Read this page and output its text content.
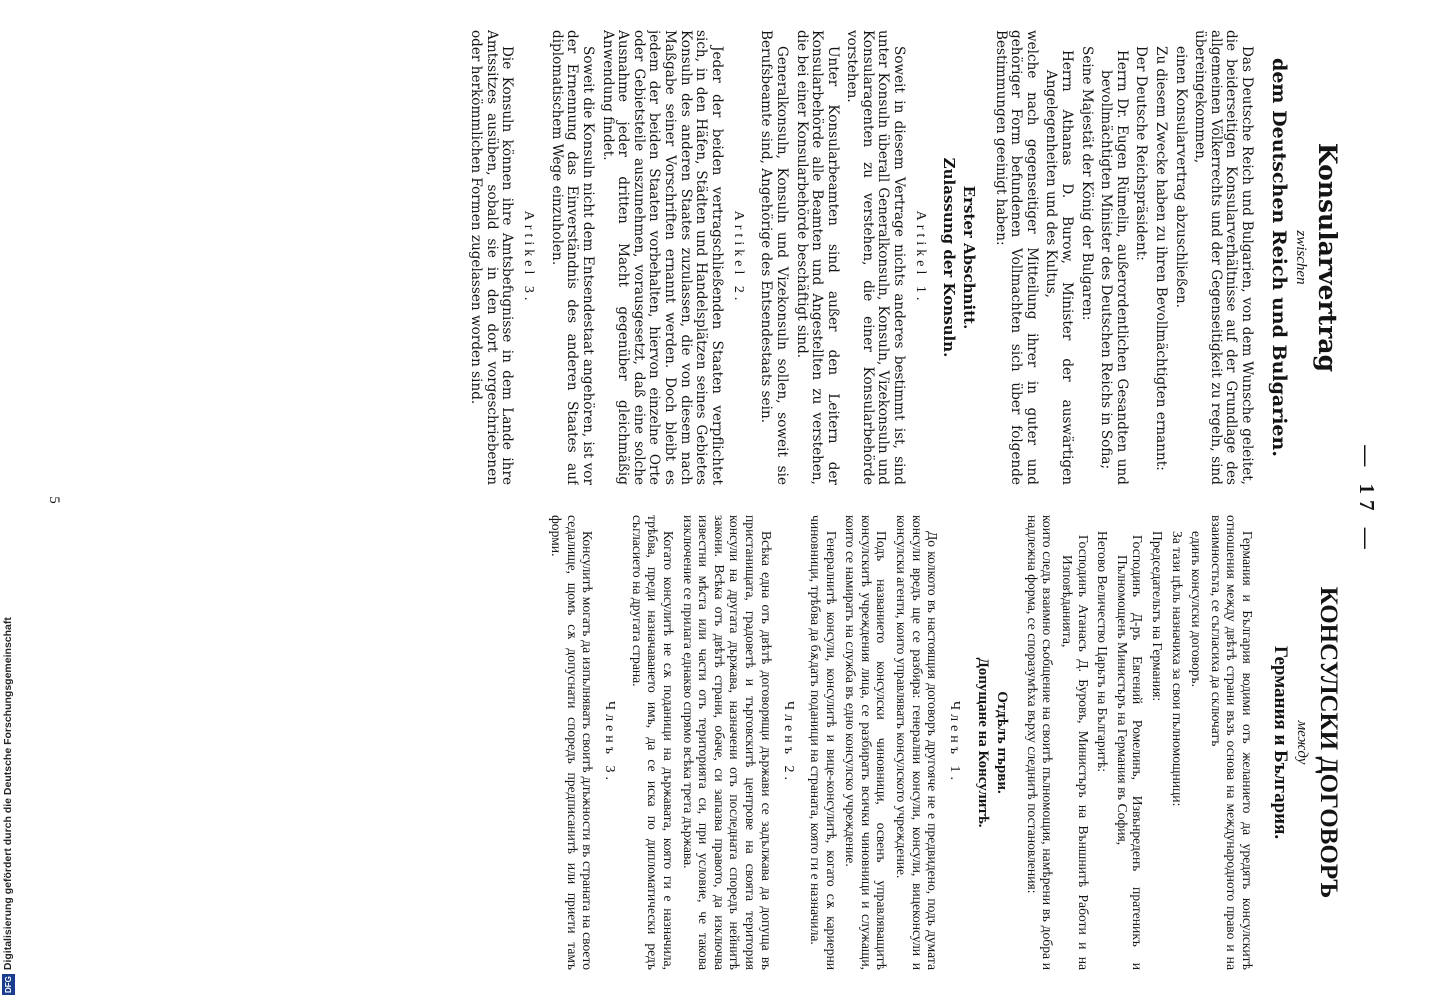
— 17 —
Konsularvertrag
zwischen
dem Deutschen Reich und Bulgarien.

Das Deutsche Reich und Bulgarien, von dem Wunsche geleitet, die beiderseitigen Konsularverhältnisse auf der Grundlage des allgemeinen Völkerrechts und der Gegenseitigkeit zu regeln, sind übereingekommen,

einen Konsularvertrag abzuschließen.

Zu diesem Zwecke haben zu ihren Bevollmächtigten ernannt:

Der Deutsche Reichspräsident:

Herrn Dr. Eugen Rümelin, außerordentlichen Gesandten und bevollmächtigten Minister des Deutschen Reichs in Sofia;

Seine Majestät der König der Bulgaren:

Herrn Athanas D. Burow, Minister der auswärtigen Angelegenheiten und des Kultus,

welche nach gegenseitiger Mitteilung ihrer in guter und gehöriger Form befundenen Vollmachten sich über folgende Bestimmungen geeinigt haben:

Erster Abschnitt.
Zulassung der Konsuln.
Artikel 1.

Soweit in diesem Vertrage nichts anderes bestimmt ist, sind unter Konsuln überall Generalkonsuln, Konsuln, Vizekonsuln und Konsularagenten zu verstehen, die einer Konsularbehörde vorstehen.

Unter Konsularbeamten sind außer den Leitern der Konsularbehörde alle Beamten und Angestellten zu verstehen, die bei einer Konsularbehörde beschäftigt sind.

Generalkonsuln, Konsuln und Vizekonsuln sollen, soweit sie Berufsbeamte sind, Angehörige des Entsendestaats sein.

Artikel 2.

Jeder der beiden vertragschließenden Staaten verpflichtet sich, in den Häfen, Städten und Handelsplätzen seines Gebietes Konsuln des anderen Staates zuzulassen, die von diesem nach Maßgabe seiner Vorschriften ernannt werden. Doch bleibt es jedem der beiden Staaten vorbehalten, hiervon einzelne Orte oder Gebietsteile auszunehmen, vorausgesetzt, daß eine solche Ausnahme jeder dritten Macht gegenüber gleichmäßig Anwendung findet.

Soweit die Konsuln nicht dem Entsendestaat angehören, ist vor der Ernennung das Einverständnis des anderen Staates auf diplomatischem Wege einzuholen.

Artikel 3.

Die Konsuln können ihre Amtsbefugnisse in dem Lande ihre Amtssitzes ausüben, sobald sie in den dort vorgeschriebenen oder herkömmlichen Formen zugelassen worden sind.

КОНСУЛСКИ ДОГОВОРЪ
между
Германия и България.

Германия и България водими отъ желанието да уредятъ консулскитѣ отношения между двѣтѣ страни възъ основа на международното право и на взаимностьта, се съгласиха да сключатъ

единъ консулски договоръ.

За тази цѣль назначиха за свои пълномощници:

Председательтъ на Германия:

Господинъ Д-ръ Евгений Ромелинъ, Извънреденъ пратеникъ и Пълномощенъ Министъръ на Германия въ София,

Негово Величество Царьтъ на Българитѣ:

Господинъ Атанасъ Д. Буровъ, Министъръ на Външнитѣ Работи и на Изповѣданията,

които следъ взаимно съобщение на своитѣ пълномощия, намѣрени въ добра и надлежна форма, се споразумѣха върху следнитѣ постановления:

Отдѣлъ първи.
Допущане на Консулитѣ.
Членъ 1.

До колкото въ настоящия договоръ другояче не е предвидено, подъ думата консули вредъ ще се разбира: генерални консули, консули, вицеконсули и консулски агенти, които управляватъ консулското учреждение.

Подъ названието консулски чиновници, освенъ управляващитѣ консулскитѣ учреждения лица, се разбиратъ всички чиновници и служащи, които се намиратъ на служба въ едно консулско учреждение.

Генералнитѣ консули, консулитѣ и вице-консулитѣ, когато сѫ кариерни чиновници, трѣбва да бѫдатъ поданици на страната, която ги е назначила.

Членъ 2.

Всѣка една отъ двѣтѣ договорящи държави се задължава да допуща въ пристанищата, градоветѣ и търговскитѣ центрове на своята територия консули на другата държава, назначени отъ последната споредъ нейнитѣ закони. Всѣка отъ двѣтѣ страни, обаче, си запазва правото, да изключва известни мѣста или части отъ територията си, при условие, че такова изключение се прилага еднакво спрямо всѣка трета държава.

Когато консулитѣ не сѫ поданици на държавата, която ги е назначила, трѣбва, преди назначаването имъ, да се иска по дипломатически редъ съгласието на другата страна.

Членъ 3.

Консулитѣ могатъ да изпълняватъ своитѣ длъжности въ страната на своето седалище, щомъ сѫ допуснати споредъ предписанитѣ или приети тамъ форми.

5
DFGDigitalisierung gefördert durch die Deutsche Forschungsgemeinschaft
